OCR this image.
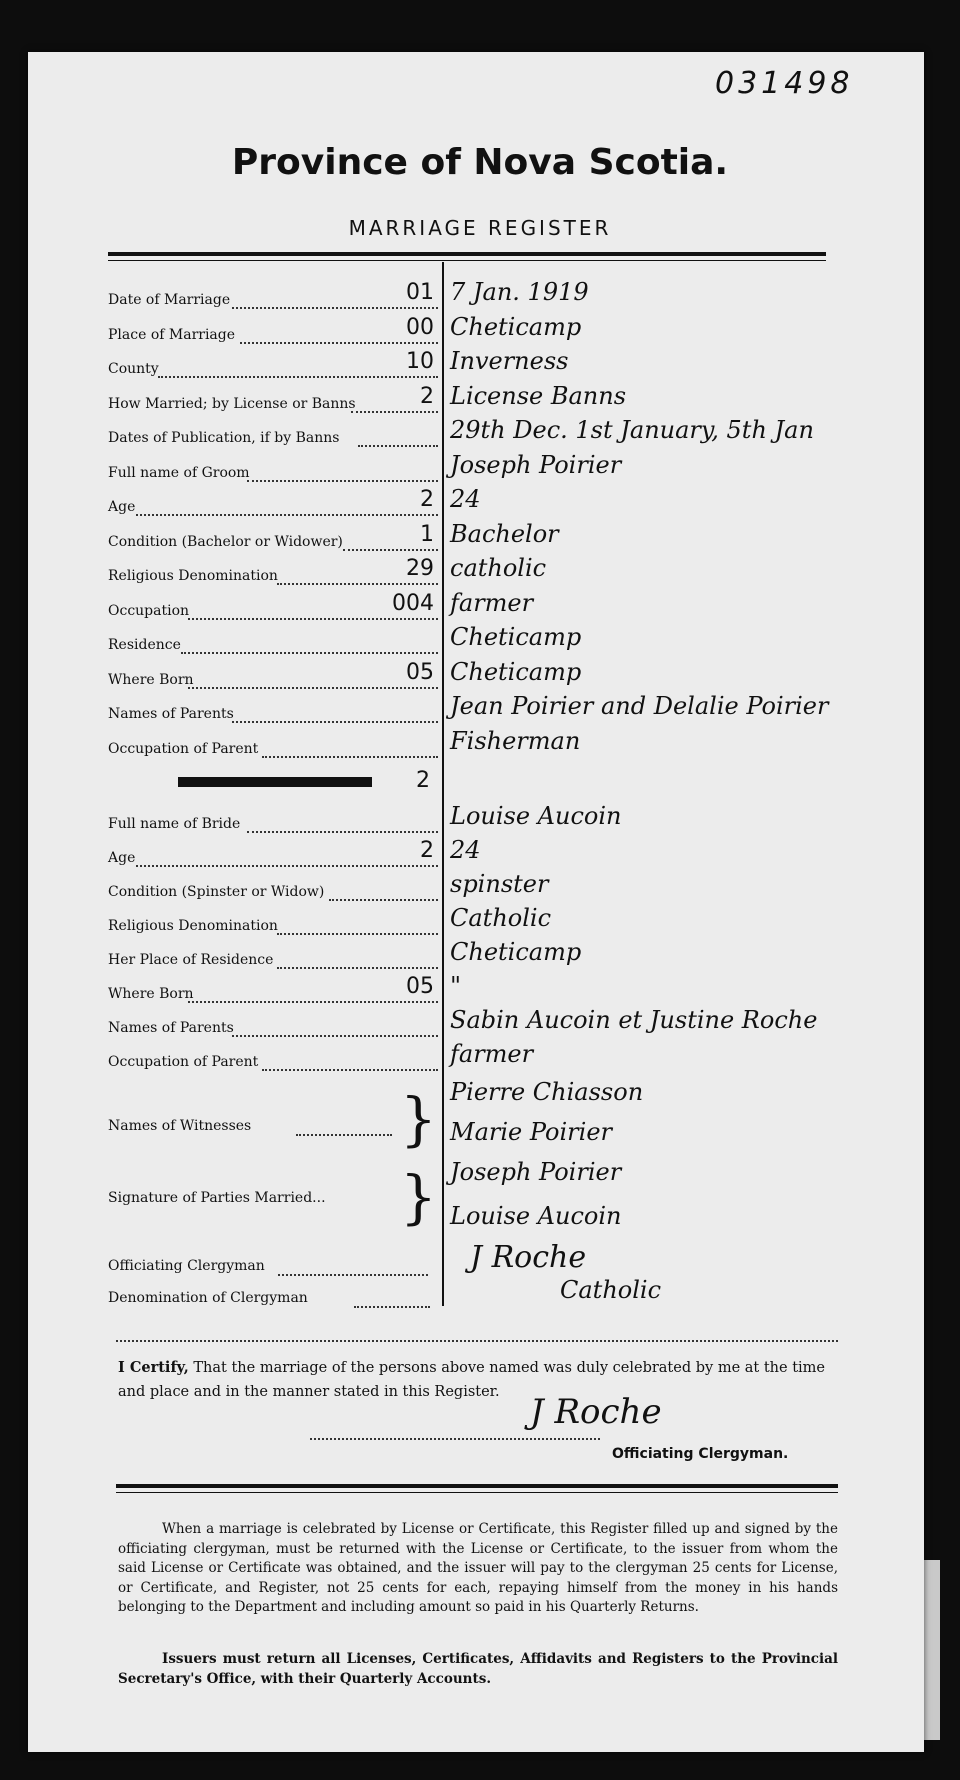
031498
Province of Nova Scotia.
MARRIAGE REGISTER
Date of Marriage	01 7 Jan. 1919
Place of Marriage	00 Cheticamp
County	10 Inverness
How Married; by License or Banns	2 License Banns
Dates of Publication, if by Banns	29th Dec. 1st January, 5th Jan
Full name of Groom	Joseph Poirier
Age	2 24
Condition (Bachelor or Widower)	1 Bachelor
Religious Denomination	29 catholic
Occupation	004 farmer
Residence	Cheticamp
Where Born	05 Cheticamp
Names of Parents	Jean Poirier and Delalie Poirier
Occupation of Parent	Fisherman
2
Full name of Bride	Louise Aucoin
Age	2 24
Condition (Spinster or Widow)	spinster
Religious Denomination	Catholic
Her Place of Residence	Cheticamp
Where Born	05 "
Names of Parents	Sabin Aucoin et Justine Roche
Occupation of Parent	farmer
Names of Witnesses	} Pierre Chiasson
Marie Poirier
Signature of Parties Married... } Joseph Poirier
Louise Aucoin
Officiating Clergyman	J Roche
Denomination of Clergyman	Catholic
I Certify, That the marriage of the persons above named was duly celebrated by me at the time and place and in the manner stated in this Register.
J Roche
Officiating Clergyman.
When a marriage is celebrated by License or Certificate, this Register filled up and signed by the officiating clergyman, must be returned with the License or Certificate, to the issuer from whom the said License or Certificate was obtained, and the issuer will pay to the clergyman 25 cents for License, or Certificate, and Register, not 25 cents for each, repaying himself from the money in his hands belonging to the Department and including amount so paid in his Quarterly Returns.
Issuers must return all Licenses, Certificates, Affidavits and Registers to the Provincial Secretary's Office, with their Quarterly Accounts.
